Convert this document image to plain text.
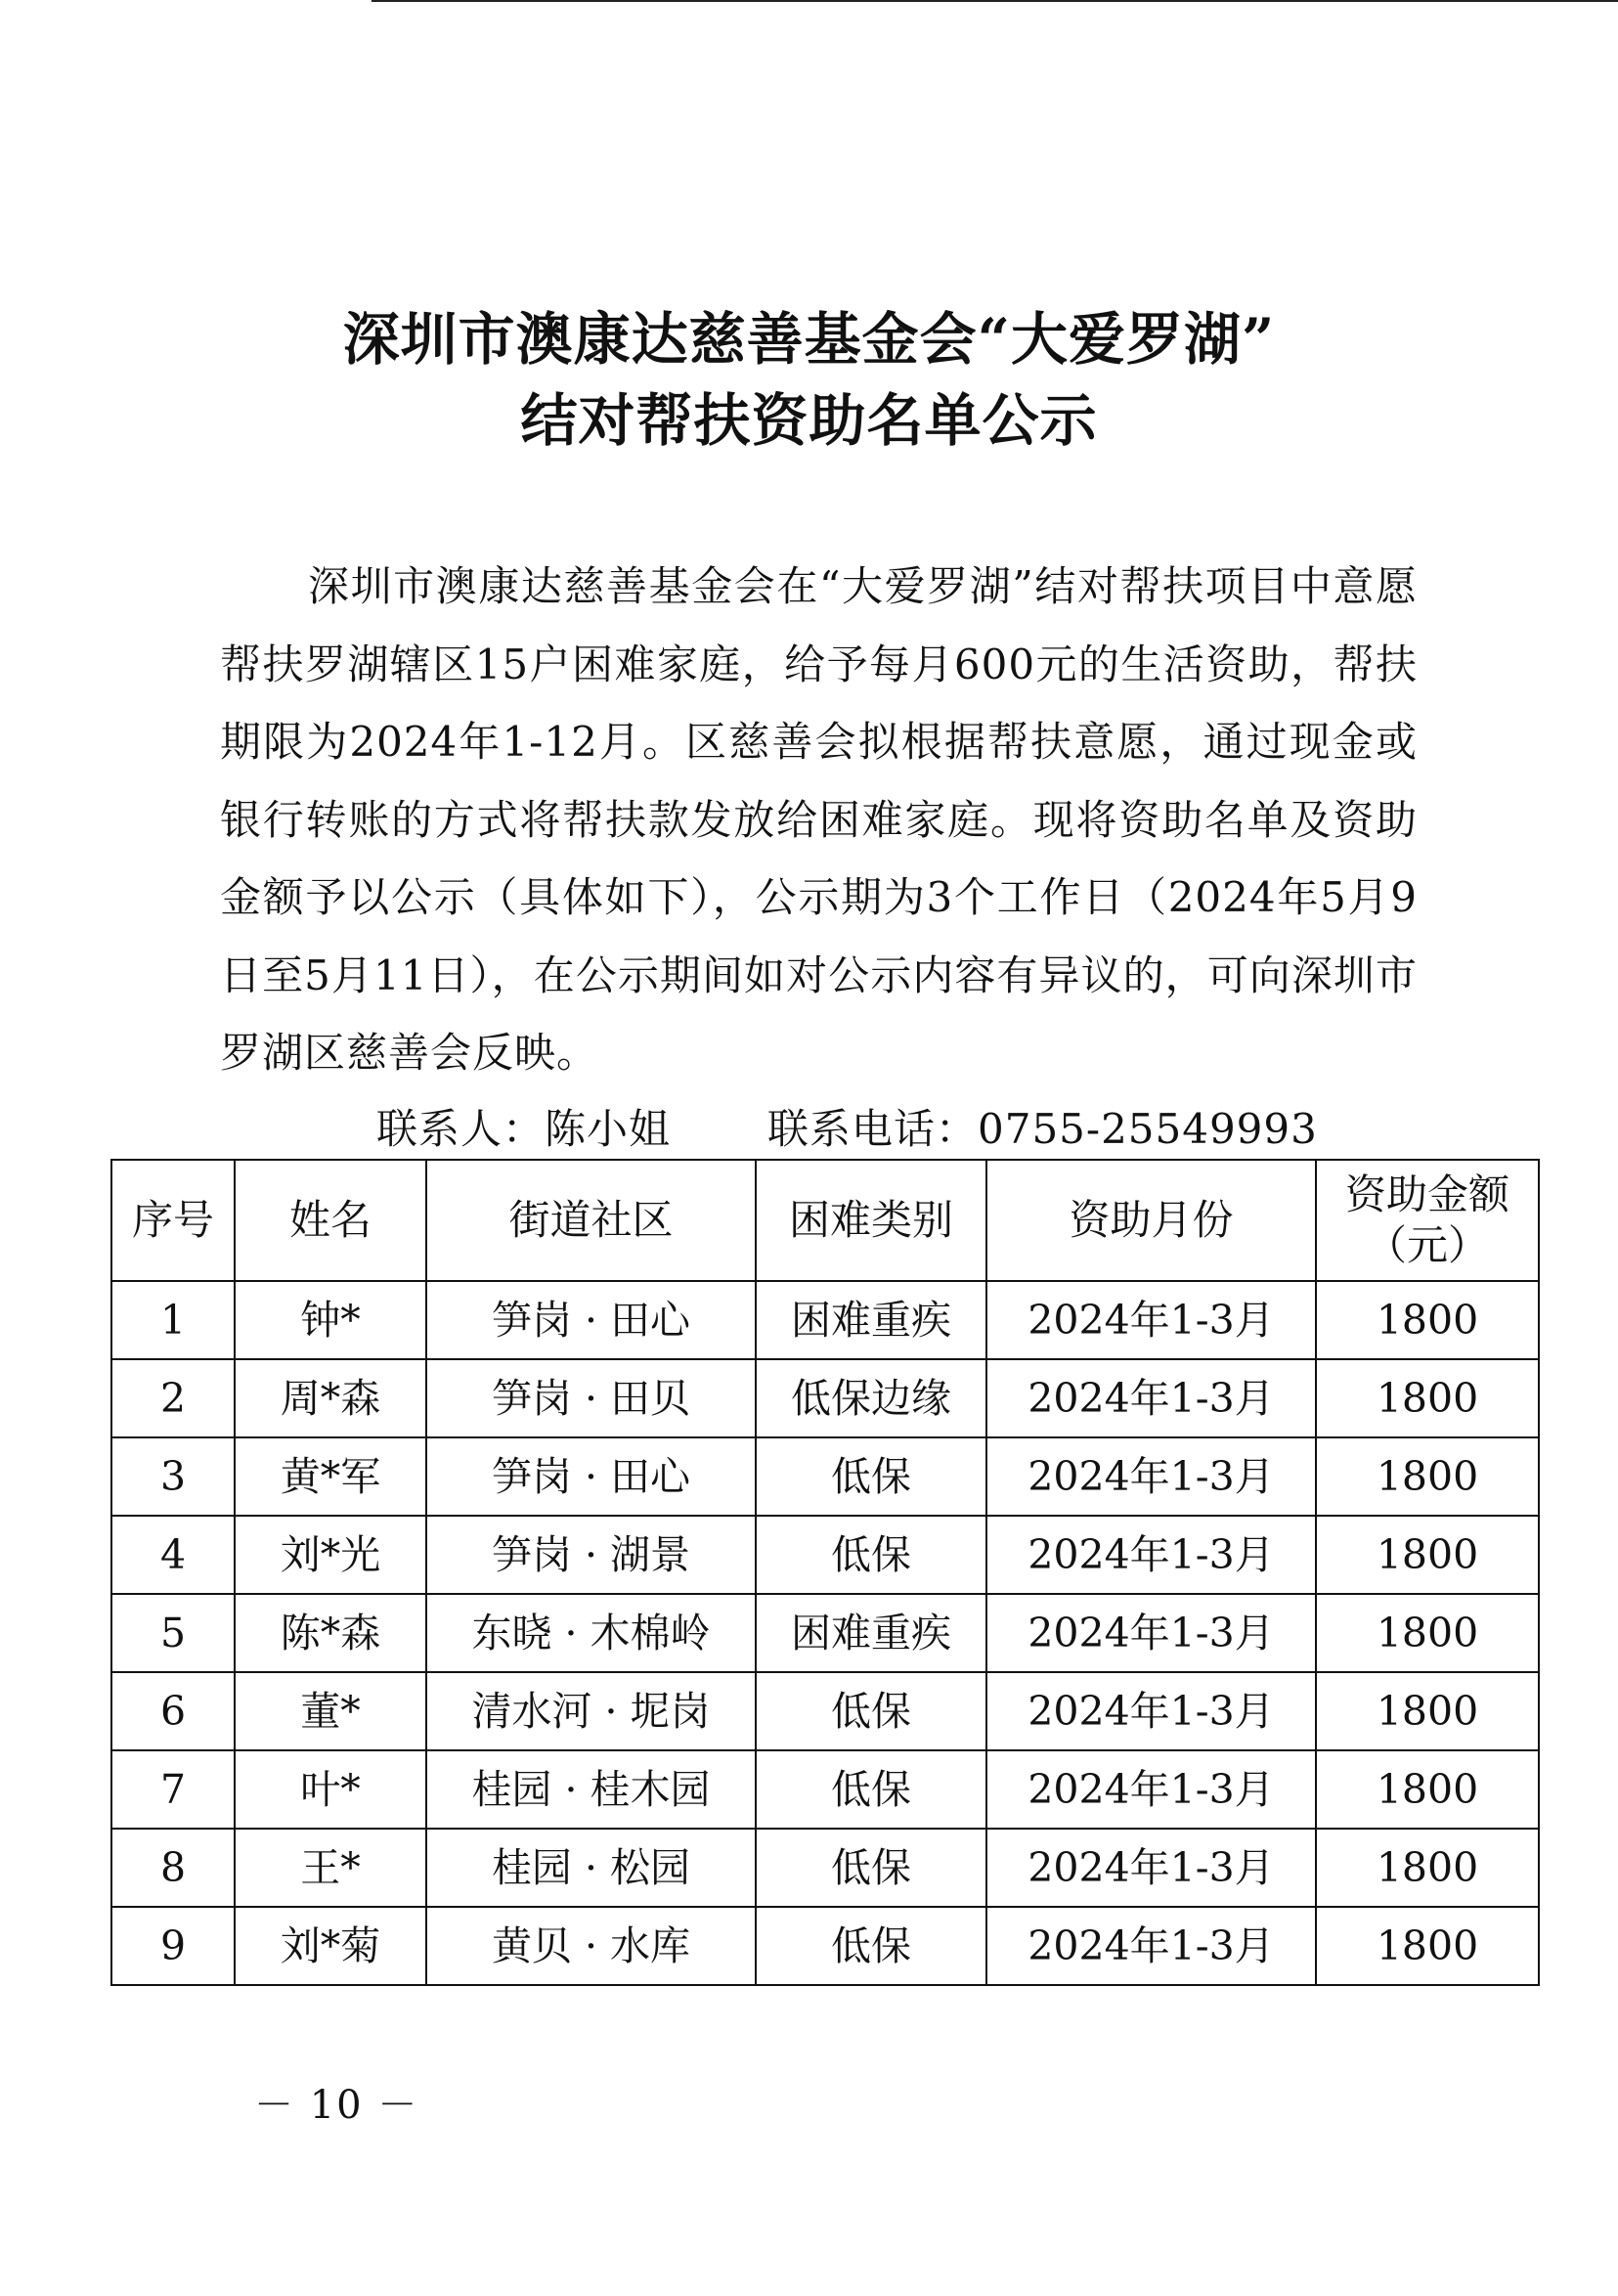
深圳市澳康达慈善基金会“大爱罗湖”
结对帮扶资助名单公示

深圳市澳康达慈善基金会在“大爱罗湖”结对帮扶项目中意愿帮扶罗湖辖区15户困难家庭，给予每月600元的生活资助，帮扶期限为2024年1-12月。区慈善会拟根据帮扶意愿，通过现金或银行转账的方式将帮扶款发放给困难家庭。现将资助名单及资助金额予以公示（具体如下），公示期为3个工作日（2024年5月9日至5月11日），在公示期间如对公示内容有异议的，可向深圳市罗湖区慈善会反映。

联系人：陈小姐 联系电话：0755-25549993
序号	姓名	街道社区	困难类别	资助月份	资助金额
（元）
1	钟*	笋岗 · 田心	困难重疾	2024年1-3月	1800
2	周*森	笋岗 · 田贝	低保边缘	2024年1-3月	1800
3	黄*军	笋岗 · 田心	低保	2024年1-3月	1800
4	刘*光	笋岗 · 湖景	低保	2024年1-3月	1800
5	陈*森	东晓 · 木棉岭	困难重疾	2024年1-3月	1800
6	董*	清水河 · 坭岗	低保	2024年1-3月	1800
7	叶*	桂园 · 桂木园	低保	2024年1-3月	1800
8	王*	桂园 · 松园	低保	2024年1-3月	1800
9	刘*菊	黄贝 · 水库	低保	2024年1-3月	1800
－ 10 －
